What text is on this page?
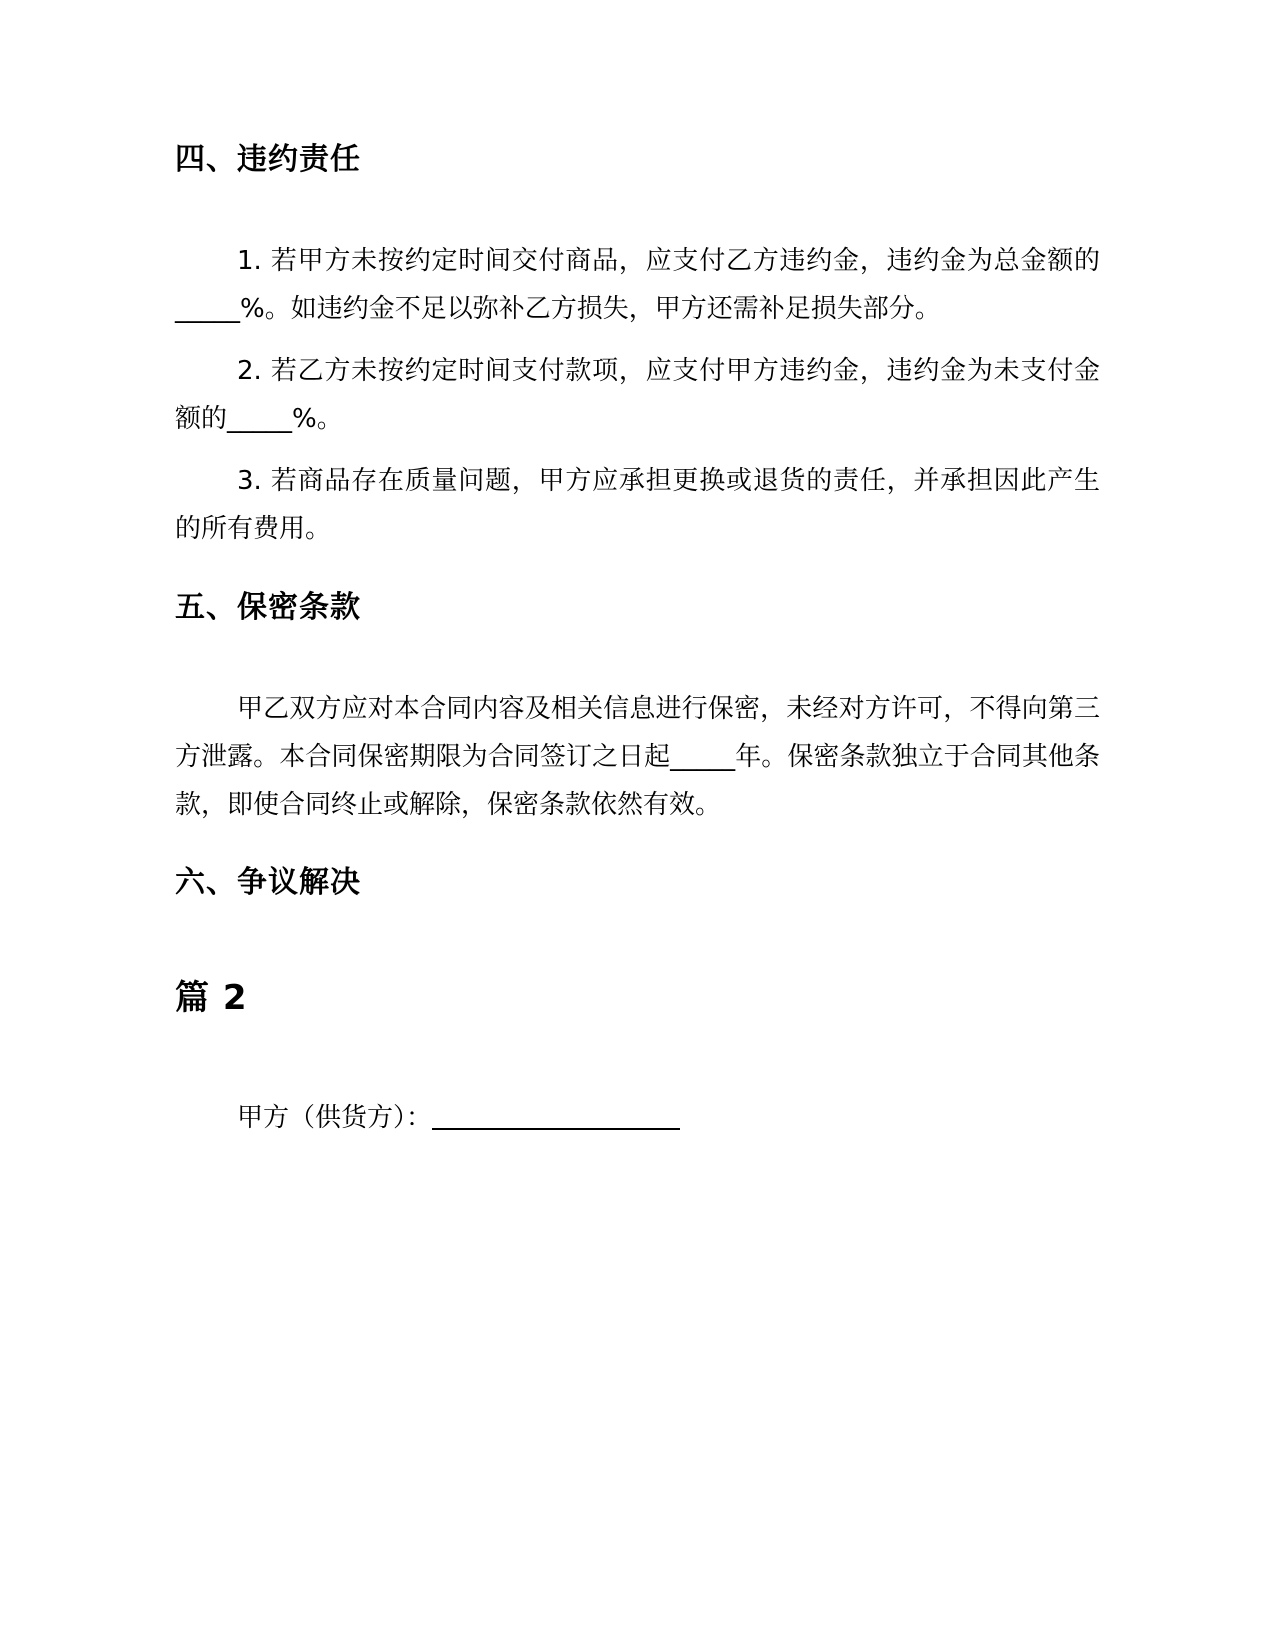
四、违约责任

1. 若甲方未按约定时间交付商品，应支付乙方违约金，违约金为总金额的_____%。如违约金不足以弥补乙方损失，甲方还需补足损失部分。

2. 若乙方未按约定时间支付款项，应支付甲方违约金，违约金为未支付金额的_____%。

3. 若商品存在质量问题，甲方应承担更换或退货的责任，并承担因此产生的所有费用。

五、保密条款

甲乙双方应对本合同内容及相关信息进行保密，未经对方许可，不得向第三方泄露。本合同保密期限为合同签订之日起_____年。保密条款独立于合同其他条款，即使合同终止或解除，保密条款依然有效。

六、争议解决
篇 2

甲方（供货方）：
